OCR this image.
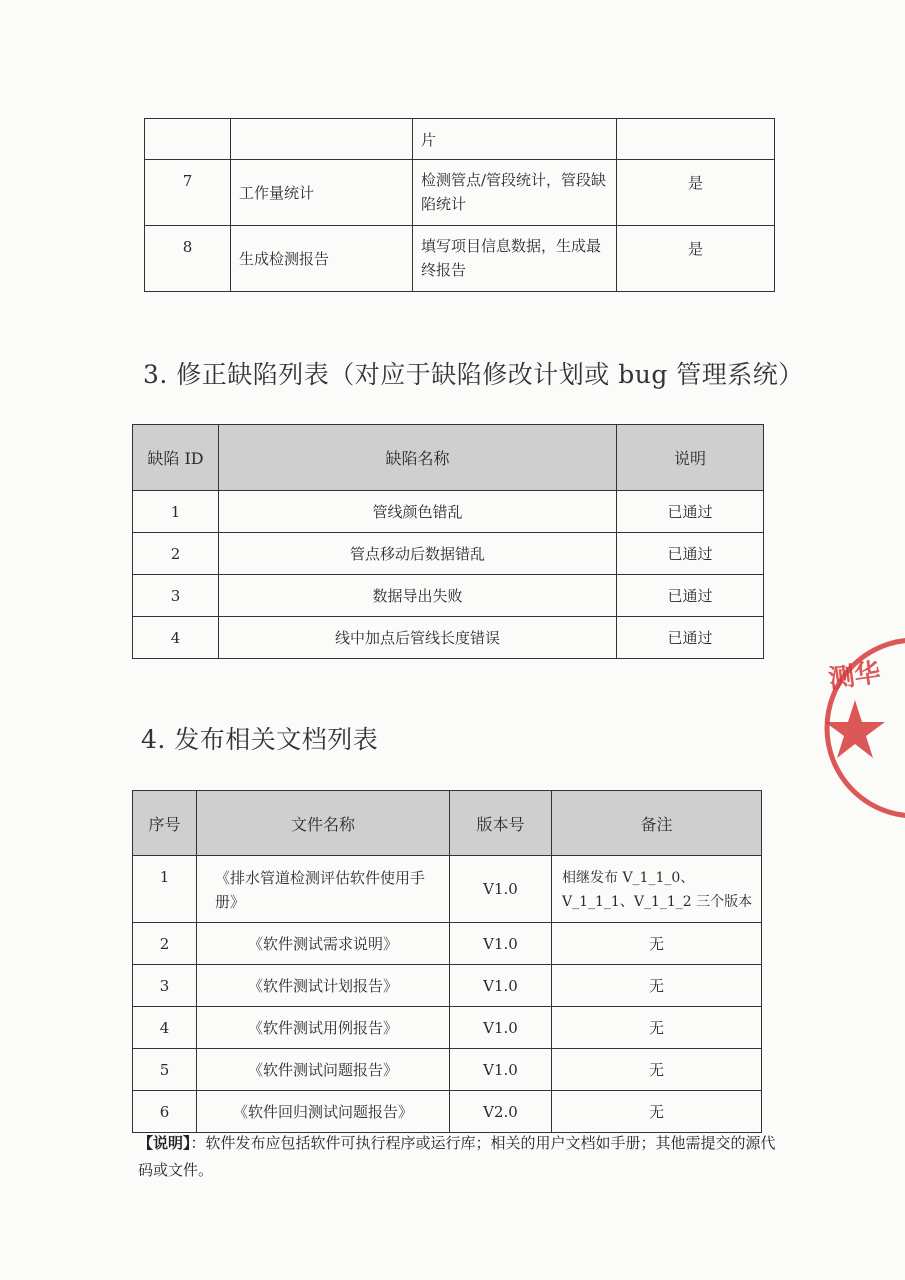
		片	
7	工作量统计	检测管点/管段统计，管段缺陷统计	是
8	生成检测报告	填写项目信息数据，生成最终报告	是
3. 修正缺陷列表（对应于缺陷修改计划或 bug 管理系统）
缺陷 ID	缺陷名称	说明
1	管线颜色错乱	已通过
2	管点移动后数据错乱	已通过
3	数据导出失败	已通过
4	线中加点后管线长度错误	已通过
4. 发布相关文档列表
序号	文件名称	版本号	备注
1	《排水管道检测评估软件使用手册》	V1.0	相继发布 V_1_1_0、V_1_1_1、V_1_1_2 三个版本
2	《软件测试需求说明》	V1.0	无
3	《软件测试计划报告》	V1.0	无
4	《软件测试用例报告》	V1.0	无
5	《软件测试问题报告》	V1.0	无
6	《软件回归测试问题报告》	V2.0	无
【说明】：软件发布应包括软件可执行程序或运行库；相关的用户文档如手册；其他需提交的源代码或文件。
测华
